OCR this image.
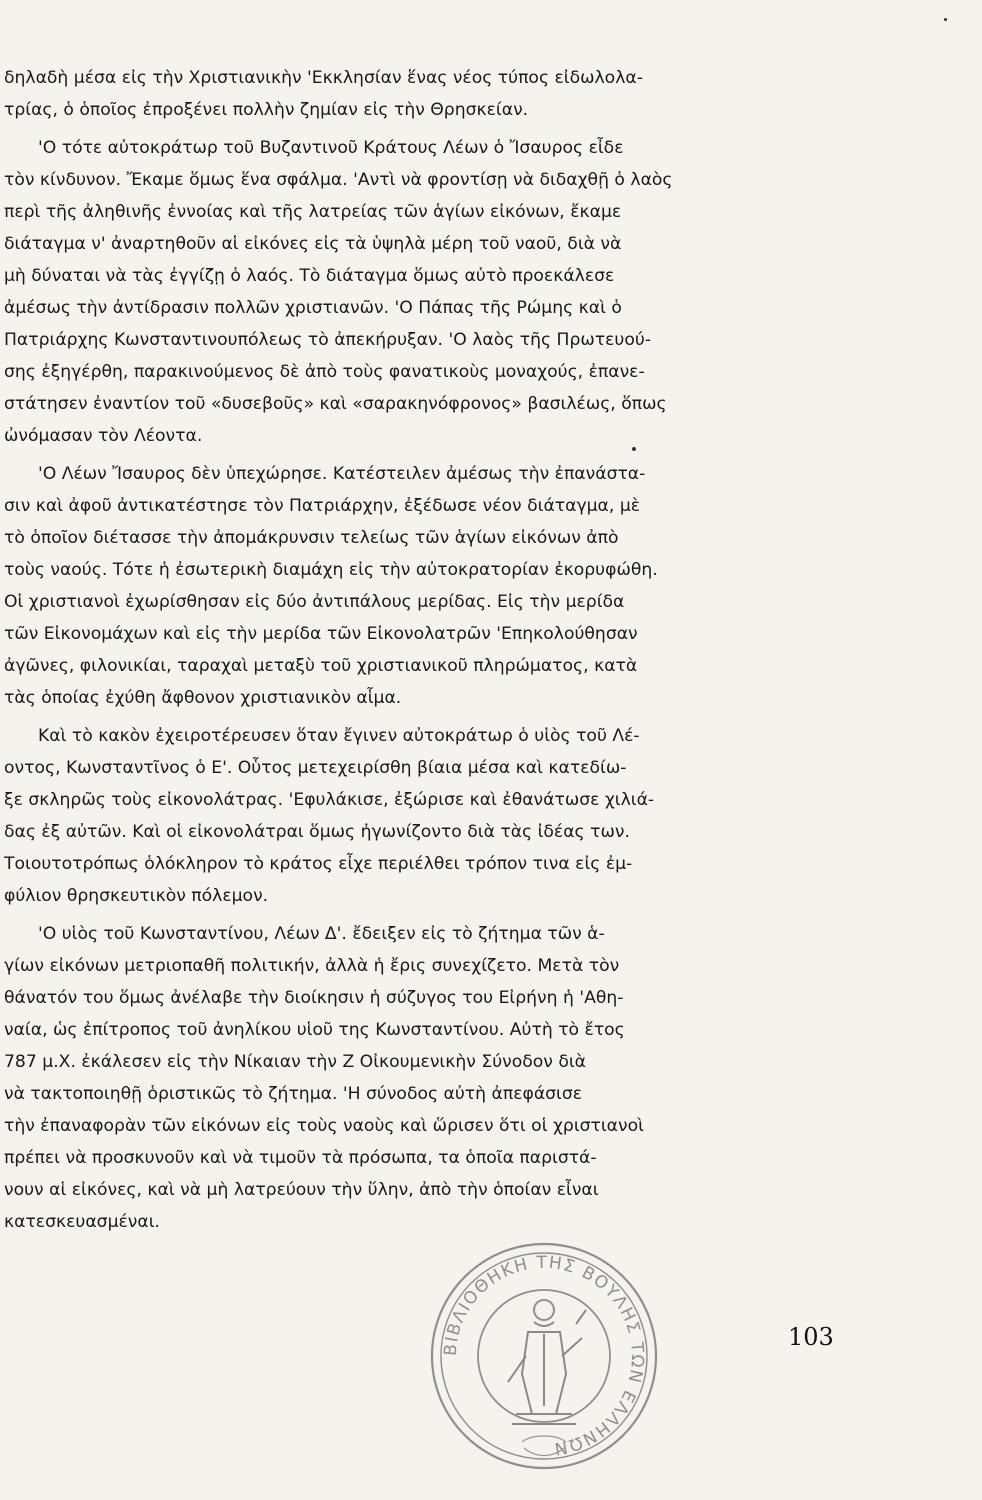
δηλαδὴ μέσα εἰς τὴν Χριστιανικὴν 'Εκκλησίαν ἕνας νέος τύπος εἰδωλολα-
τρίας, ὁ ὁποῖος ἐπροξένει πολλὴν ζημίαν εἰς τὴν Θρησκείαν.
'Ο τότε αὐτοκράτωρ τοῦ Βυζαντινοῦ Κράτους Λέων ὁ Ἴσαυρος εἶδε
τὸν κίνδυνον. Ἔκαμε ὅμως ἕνα σφάλμα. 'Αντὶ νὰ φροντίσῃ νὰ διδαχθῇ ὁ λαὸς
περὶ τῆς ἀληθινῆς ἐννοίας καὶ τῆς λατρείας τῶν ἁγίων εἰκόνων, ἔκαμε
διάταγμα ν' ἀναρτηθοῦν αἱ εἰκόνες εἰς τὰ ὑψηλὰ μέρη τοῦ ναοῦ, διὰ νὰ
μὴ δύναται νὰ τὰς ἐγγίζῃ ὁ λαός. Τὸ διάταγμα ὅμως αὐτὸ προεκάλεσε
ἀμέσως τὴν ἀντίδρασιν πολλῶν χριστιανῶν. 'Ο Πάπας τῆς Ρώμης καὶ ὁ
Πατριάρχης Κωνσταντινουπόλεως τὸ ἀπεκήρυξαν. 'Ο λαὸς τῆς Πρωτευού-
σης ἐξηγέρθη, παρακινούμενος δὲ ἀπὸ τοὺς φανατικοὺς μοναχούς, ἐπανε-
στάτησεν ἐναντίον τοῦ «δυσεβοῦς» καὶ «σαρακηνόφρονος» βασιλέως, ὅπως
ὠνόμασαν τὸν Λέοντα.
'Ο Λέων Ἴσαυρος δὲν ὑπεχώρησε. Κατέστειλεν ἀμέσως τὴν ἐπανάστα-
σιν καὶ ἀφοῦ ἀντικατέστησε τὸν Πατριάρχην, ἐξέδωσε νέον διάταγμα, μὲ
τὸ ὁποῖον διέτασσε τὴν ἀπομάκρυνσιν τελείως τῶν ἁγίων εἰκόνων ἀπὸ
τοὺς ναούς. Τότε ἡ ἐσωτερικὴ διαμάχη εἰς τὴν αὐτοκρατορίαν ἐκορυφώθη.
Οἱ χριστιανοὶ ἐχωρίσθησαν εἰς δύο ἀντιπάλους μερίδας. Εἰς τὴν μερίδα
τῶν Εἰκονομάχων καὶ εἰς τὴν μερίδα τῶν Εἰκονολατρῶν 'Επηκολούθησαν
ἀγῶνες, φιλονικίαι, ταραχαὶ μεταξὺ τοῦ χριστιανικοῦ πληρώματος, κατὰ
τὰς ὁποίας ἐχύθη ἄφθονον χριστιανικὸν αἷμα.
Καὶ τὸ κακὸν ἐχειροτέρευσεν ὅταν ἔγινεν αὐτοκράτωρ ὁ υἱὸς τοῦ Λέ-
οντος, Κωνσταντῖνος ὁ Ε'. Οὗτος μετεχειρίσθη βίαια μέσα καὶ κατεδίω-
ξε σκληρῶς τοὺς εἰκονολάτρας. 'Εφυλάκισε, ἐξώρισε καὶ ἐθανάτωσε χιλιά-
δας ἐξ αὐτῶν. Καὶ οἱ εἰκονολάτραι ὅμως ἠγωνίζοντο διὰ τὰς ἰδέας των.
Τοιουτοτρόπως ὁλόκληρον τὸ κράτος εἶχε περιέλθει τρόπον τινα εἰς ἐμ-
φύλιον θρησκευτικὸν πόλεμον.
'Ο υἱὸς τοῦ Κωνσταντίνου, Λέων Δ'. ἔδειξεν εἰς τὸ ζήτημα τῶν ἁ-
γίων εἰκόνων μετριοπαθῆ πολιτικήν, ἀλλὰ ἡ ἔρις συνεχίζετο. Μετὰ τὸν
θάνατόν του ὅμως ἀνέλαβε τὴν διοίκησιν ἡ σύζυγος του Εἰρήνη ἡ 'Αθη-
ναία, ὡς ἐπίτροπος τοῦ ἀνηλίκου υἱοῦ της Κωνσταντίνου. Αὐτὴ τὸ ἔτος
787 μ.Χ. ἐκάλεσεν εἰς τὴν Νίκαιαν τὴν Ζ Οἰκουμενικὴν Σύνοδον διὰ
νὰ τακτοποιηθῇ ὁριστικῶς τὸ ζήτημα. 'Η σύνοδος αὐτὴ ἀπεφάσισε
τὴν ἐπαναφορὰν τῶν εἰκόνων εἰς τοὺς ναοὺς καὶ ὥρισεν ὅτι οἱ χριστιανοὶ
πρέπει νὰ προσκυνοῦν καὶ νὰ τιμοῦν τὰ πρόσωπα, τα ὁποῖα παριστά-
νουν αἱ εἰκόνες, καὶ νὰ μὴ λατρεύουν τὴν ὕλην, ἀπὸ τὴν ὁποίαν εἶναι
κατεσκευασμέναι.
ΒΙΒΛΙΟΘΗΚΗ ΤΗΣ ΒΟΥΛΗΣ ΤΩΝ ΕΛΛΗΝΩΝ
103
